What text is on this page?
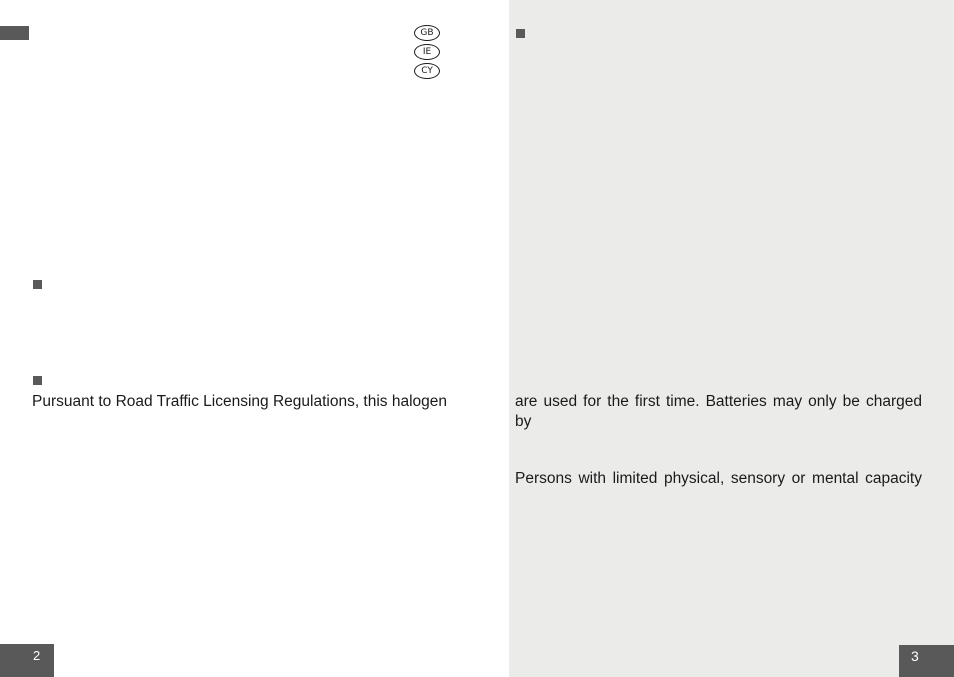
GB
IE
CY
Pursuant to Road Traffic Licensing Regulations, this halogen
2
are used for the first time. Batteries may only be charged by
Persons with limited physical, sensory or mental capacity
3
